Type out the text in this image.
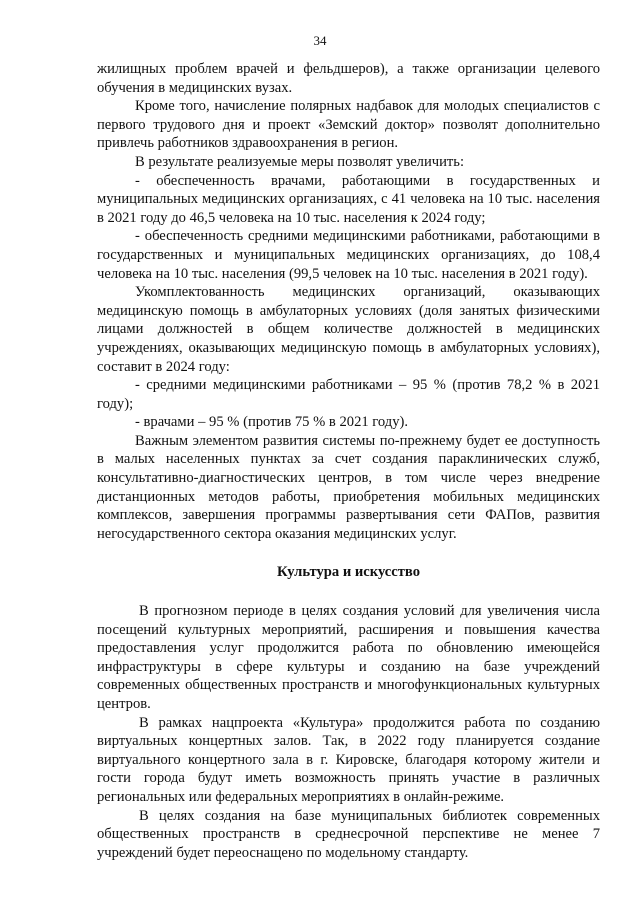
34

жилищных проблем врачей и фельдшеров), а также организации целевого обучения в медицинских вузах.

Кроме того, начисление полярных надбавок для молодых специалистов с первого трудового дня и проект «Земский доктор» позволят дополнительно привлечь работников здравоохранения в регион.

В результате реализуемые меры позволят увеличить:

- обеспеченность врачами, работающими в государственных и муниципальных медицинских организациях, с 41 человека на 10 тыс. населения в 2021 году до 46,5 человека на 10 тыс. населения к 2024 году;

- обеспеченность средними медицинскими работниками, работающими в государственных и муниципальных медицинских организациях, до 108,4 человека на 10 тыс. населения (99,5 человек на 10 тыс. населения в 2021 году).

Укомплектованность медицинских организаций, оказывающих медицинскую помощь в амбулаторных условиях (доля занятых физическими лицами должностей в общем количестве должностей в медицинских учреждениях, оказывающих медицинскую помощь в амбулаторных условиях), составит в 2024 году:

- средними медицинскими работниками – 95 % (против 78,2 % в 2021 году);

- врачами – 95 % (против 75 % в 2021 году).

Важным элементом развития системы по-прежнему будет ее доступность в малых населенных пунктах за счет создания параклинических служб, консультативно-диагностических центров, в том числе через внедрение дистанционных методов работы, приобретения мобильных медицинских комплексов, завершения программы развертывания сети ФАПов, развития негосударственного сектора оказания медицинских услуг.

Культура и искусство

В прогнозном периоде в целях создания условий для увеличения числа посещений культурных мероприятий, расширения и повышения качества предоставления услуг продолжится работа по обновлению имеющейся инфраструктуры в сфере культуры и созданию на базе учреждений современных общественных пространств и многофункциональных культурных центров.

В рамках нацпроекта «Культура» продолжится работа по созданию виртуальных концертных залов. Так, в 2022 году планируется создание виртуального концертного зала в г. Кировске, благодаря которому жители и гости города будут иметь возможность принять участие в различных региональных или федеральных мероприятиях в онлайн-режиме.

В целях создания на базе муниципальных библиотек современных общественных пространств в среднесрочной перспективе не менее 7 учреждений будет переоснащено по модельному стандарту.
